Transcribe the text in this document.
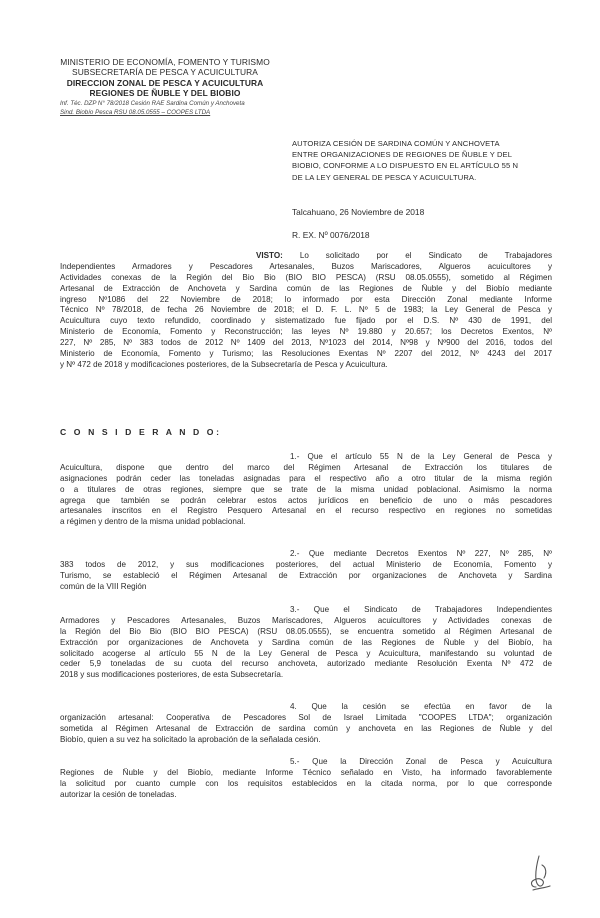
MINISTERIO DE ECONOMÍA, FOMENTO Y TURISMO
SUBSECRETARÍA DE PESCA Y ACUICULTURA
DIRECCION ZONAL DE PESCA Y ACUICULTURA
REGIONES DE ÑUBLE Y DEL BIOBIO
Inf. Téc. DZP N° 78/2018 Cesión RAE Sardina Común y Anchoveta
Sind. Biobío Pesca RSU 08.05.0555 – COOPES LTDA
AUTORIZA CESIÓN DE SARDINA COMÚN Y ANCHOVETA
ENTRE ORGANIZACIONES DE REGIONES DE ÑUBLE Y DEL
BIOBIO, CONFORME A LO DISPUESTO EN EL ARTÍCULO 55 N
DE LA LEY GENERAL DE PESCA Y ACUICULTURA.
Talcahuano, 26 Noviembre de 2018
R. EX. Nº 0076/2018
VISTO: Lo solicitado por el Sindicato de Trabajadores
Independientes Armadores y Pescadores Artesanales, Buzos Mariscadores, Algueros acuicultores y
Actividades conexas de la Región del Bio Bio (BIO BIO PESCA) (RSU 08.05.0555), sometido al Régimen
Artesanal de Extracción de Anchoveta y Sardina común de las Regiones de Ñuble y del Biobío mediante
ingreso Nº1086 del 22 Noviembre de 2018; lo informado por esta Dirección Zonal mediante Informe
Técnico Nº 78/2018, de fecha 26 Noviembre de 2018; el D. F. L. Nº 5 de 1983; la Ley General de Pesca y
Acuicultura cuyo texto refundido, coordinado y sistematizado fue fijado por el D.S. Nº 430 de 1991, del
Ministerio de Economía, Fomento y Reconstrucción; las leyes Nº 19.880 y 20.657; los Decretos Exentos, Nº
227, Nº 285, Nº 383 todos de 2012 Nº 1409 del 2013, Nº1023 del 2014, Nº98 y Nº900 del 2016, todos del
Ministerio de Economía, Fomento y Turismo; las Resoluciones Exentas Nº 2207 del 2012, Nº 4243 del 2017
y Nº 472 de 2018 y modificaciones posteriores, de la Subsecretaría de Pesca y Acuicultura.
C O N S I D E R A N D O:
1.- Que el artículo 55 N de la Ley General de Pesca y
Acuicultura, dispone que dentro del marco del Régimen Artesanal de Extracción los titulares de
asignaciones podrán ceder las toneladas asignadas para el respectivo año a otro titular de la misma región
o a titulares de otras regiones, siempre que se trate de la misma unidad poblacional. Asimismo la norma
agrega que también se podrán celebrar estos actos jurídicos en beneficio de uno o más pescadores
artesanales inscritos en el Registro Pesquero Artesanal en el recurso respectivo en regiones no sometidas
a régimen y dentro de la misma unidad poblacional.
2.- Que mediante Decretos Exentos Nº 227, Nº 285, Nº
383 todos de 2012, y sus modificaciones posteriores, del actual Ministerio de Economía, Fomento y
Turismo, se estableció el Régimen Artesanal de Extracción por organizaciones de Anchoveta y Sardina
común de la VIII Región
3.- Que el Sindicato de Trabajadores Independientes
Armadores y Pescadores Artesanales, Buzos Mariscadores, Algueros acuicultores y Actividades conexas de
la Región del Bio Bio (BIO BIO PESCA) (RSU 08.05.0555), se encuentra sometido al Régimen Artesanal de
Extracción por organizaciones de Anchoveta y Sardina común de las Regiones de Ñuble y del Biobío, ha
solicitado acogerse al artículo 55 N de la Ley General de Pesca y Acuicultura, manifestando su voluntad de
ceder 5,9 toneladas de su cuota del recurso anchoveta, autorizado mediante Resolución Exenta Nº 472 de
2018 y sus modificaciones posteriores, de esta Subsecretaría.
4. Que la cesión se efectúa en favor de la
organización artesanal: Cooperativa de Pescadores Sol de Israel Limitada "COOPES LTDA"; organización
sometida al Régimen Artesanal de Extracción de sardina común y anchoveta en las Regiones de Ñuble y del
Biobío, quien a su vez ha solicitado la aprobación de la señalada cesión.
5.- Que la Dirección Zonal de Pesca y Acuicultura
Regiones de Ñuble y del Biobío, mediante Informe Técnico señalado en Visto, ha informado favorablemente
la solicitud por cuanto cumple con los requisitos establecidos en la citada norma, por lo que corresponde
autorizar la cesión de toneladas.
